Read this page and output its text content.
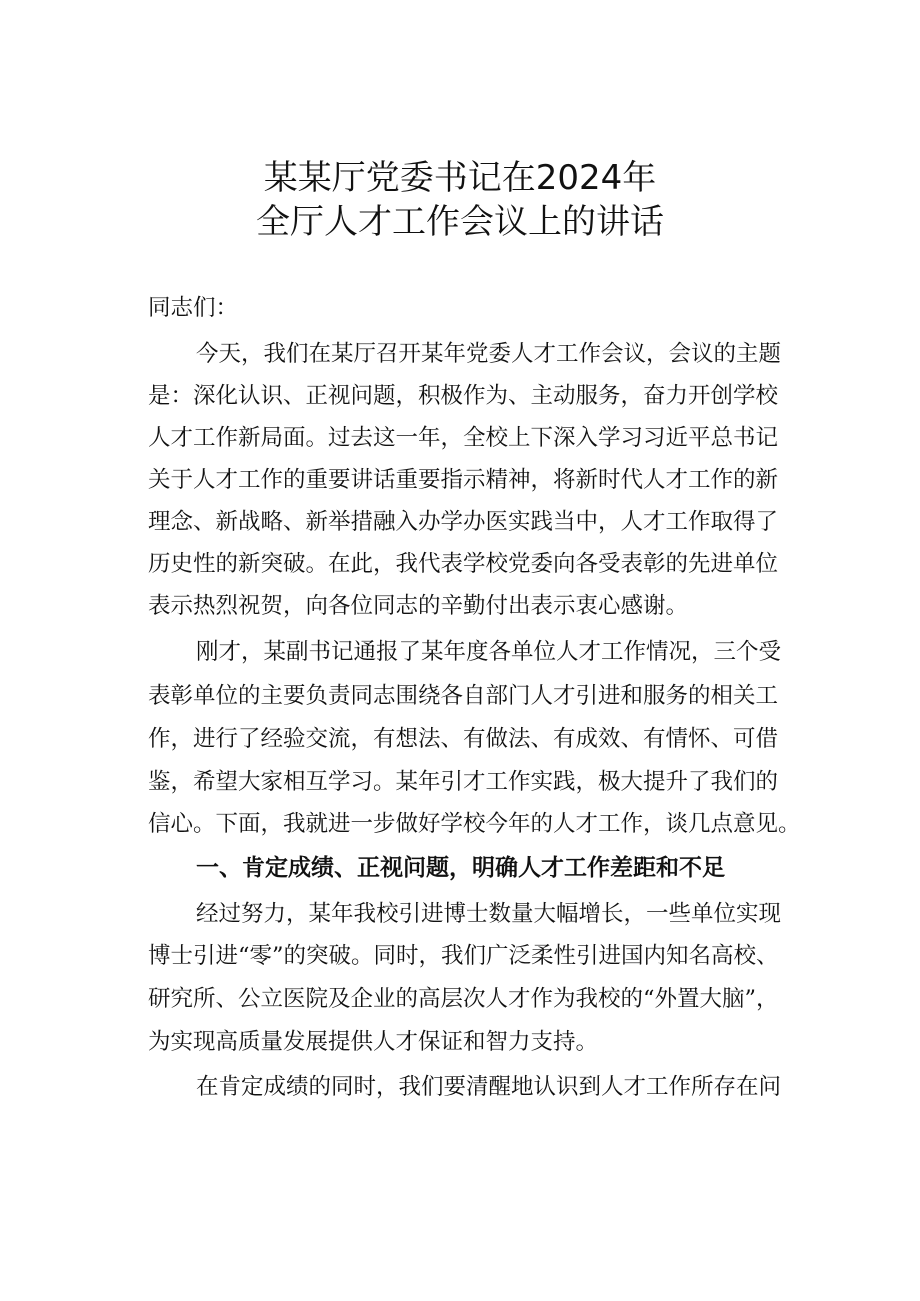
某某厅党委书记在2024年
全厅人才工作会议上的讲话

同志们：

今天，我们在某厅召开某年党委人才工作会议，会议的主题

是：深化认识、正视问题，积极作为、主动服务，奋力开创学校

人才工作新局面。过去这一年，全校上下深入学习习近平总书记

关于人才工作的重要讲话重要指示精神，将新时代人才工作的新

理念、新战略、新举措融入办学办医实践当中，人才工作取得了

历史性的新突破。在此，我代表学校党委向各受表彰的先进单位

表示热烈祝贺，向各位同志的辛勤付出表示衷心感谢。

刚才，某副书记通报了某年度各单位人才工作情况，三个受

表彰单位的主要负责同志围绕各自部门人才引进和服务的相关工

作，进行了经验交流，有想法、有做法、有成效、有情怀、可借

鉴，希望大家相互学习。某年引才工作实践，极大提升了我们的

信心。下面，我就进一步做好学校今年的人才工作，谈几点意见。

一、肯定成绩、正视问题，明确人才工作差距和不足

经过努力，某年我校引进博士数量大幅增长，一些单位实现

博士引进“零”的突破。同时，我们广泛柔性引进国内知名高校、

研究所、公立医院及企业的高层次人才作为我校的“外置大脑”，

为实现高质量发展提供人才保证和智力支持。

在肯定成绩的同时，我们要清醒地认识到人才工作所存在问
